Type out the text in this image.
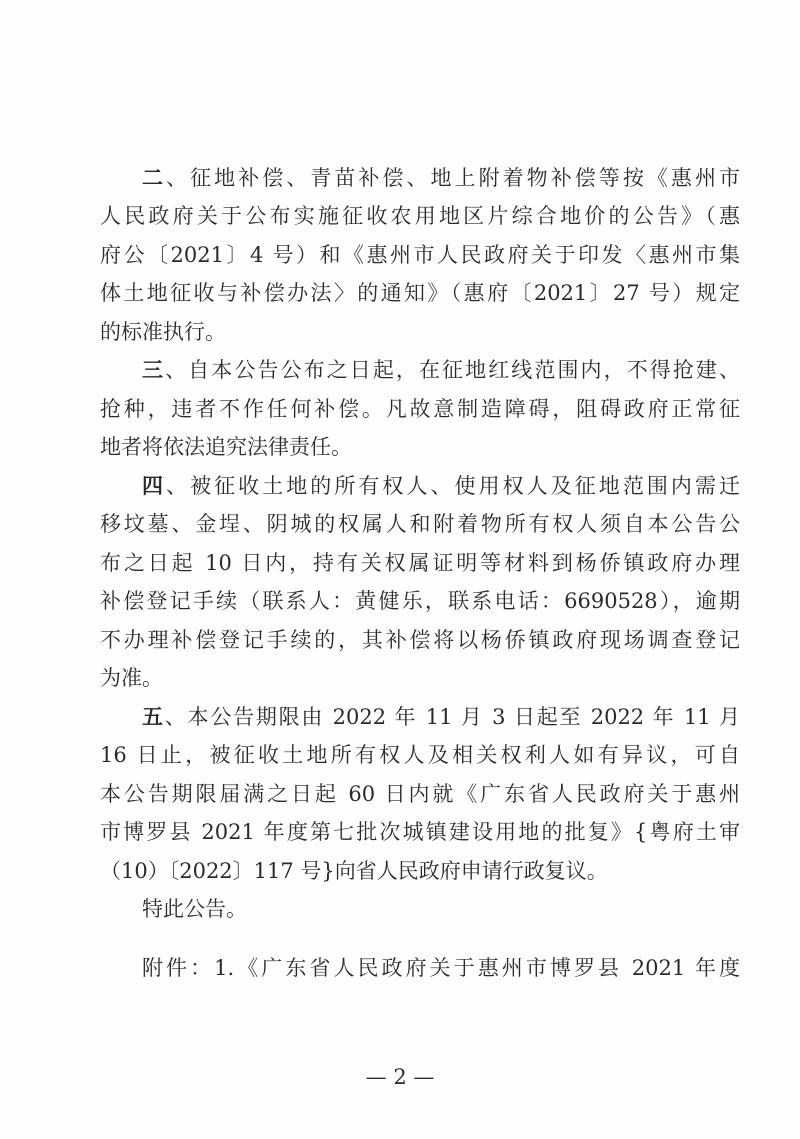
二、征地补偿、青苗补偿、地上附着物补偿等按《惠州市
人民政府关于公布实施征收农用地区片综合地价的公告》（惠
府公〔2021〕4 号）和《惠州市人民政府关于印发〈惠州市集
体土地征收与补偿办法〉的通知》（惠府〔2021〕27 号）规定
的标准执行。
三、自本公告公布之日起，在征地红线范围内，不得抢建、
抢种，违者不作任何补偿。凡故意制造障碍，阻碍政府正常征
地者将依法追究法律责任。
四、被征收土地的所有权人、使用权人及征地范围内需迁
移坟墓、金埕、阴城的权属人和附着物所有权人须自本公告公
布之日起 10 日内，持有关权属证明等材料到杨侨镇政府办理
补偿登记手续（联系人：黄健乐，联系电话：6690528），逾期
不办理补偿登记手续的，其补偿将以杨侨镇政府现场调查登记
为准。
五、本公告期限由 2022 年 11 月 3 日起至 2022 年 11 月
16 日止，被征收土地所有权人及相关权利人如有异议，可自
本公告期限届满之日起 60 日内就《广东省人民政府关于惠州
市博罗县 2021 年度第七批次城镇建设用地的批复》{粤府土审
（10）〔2022〕117 号}向省人民政府申请行政复议。
特此公告。
附件：1.《广东省人民政府关于惠州市博罗县 2021 年度
— 2 —
